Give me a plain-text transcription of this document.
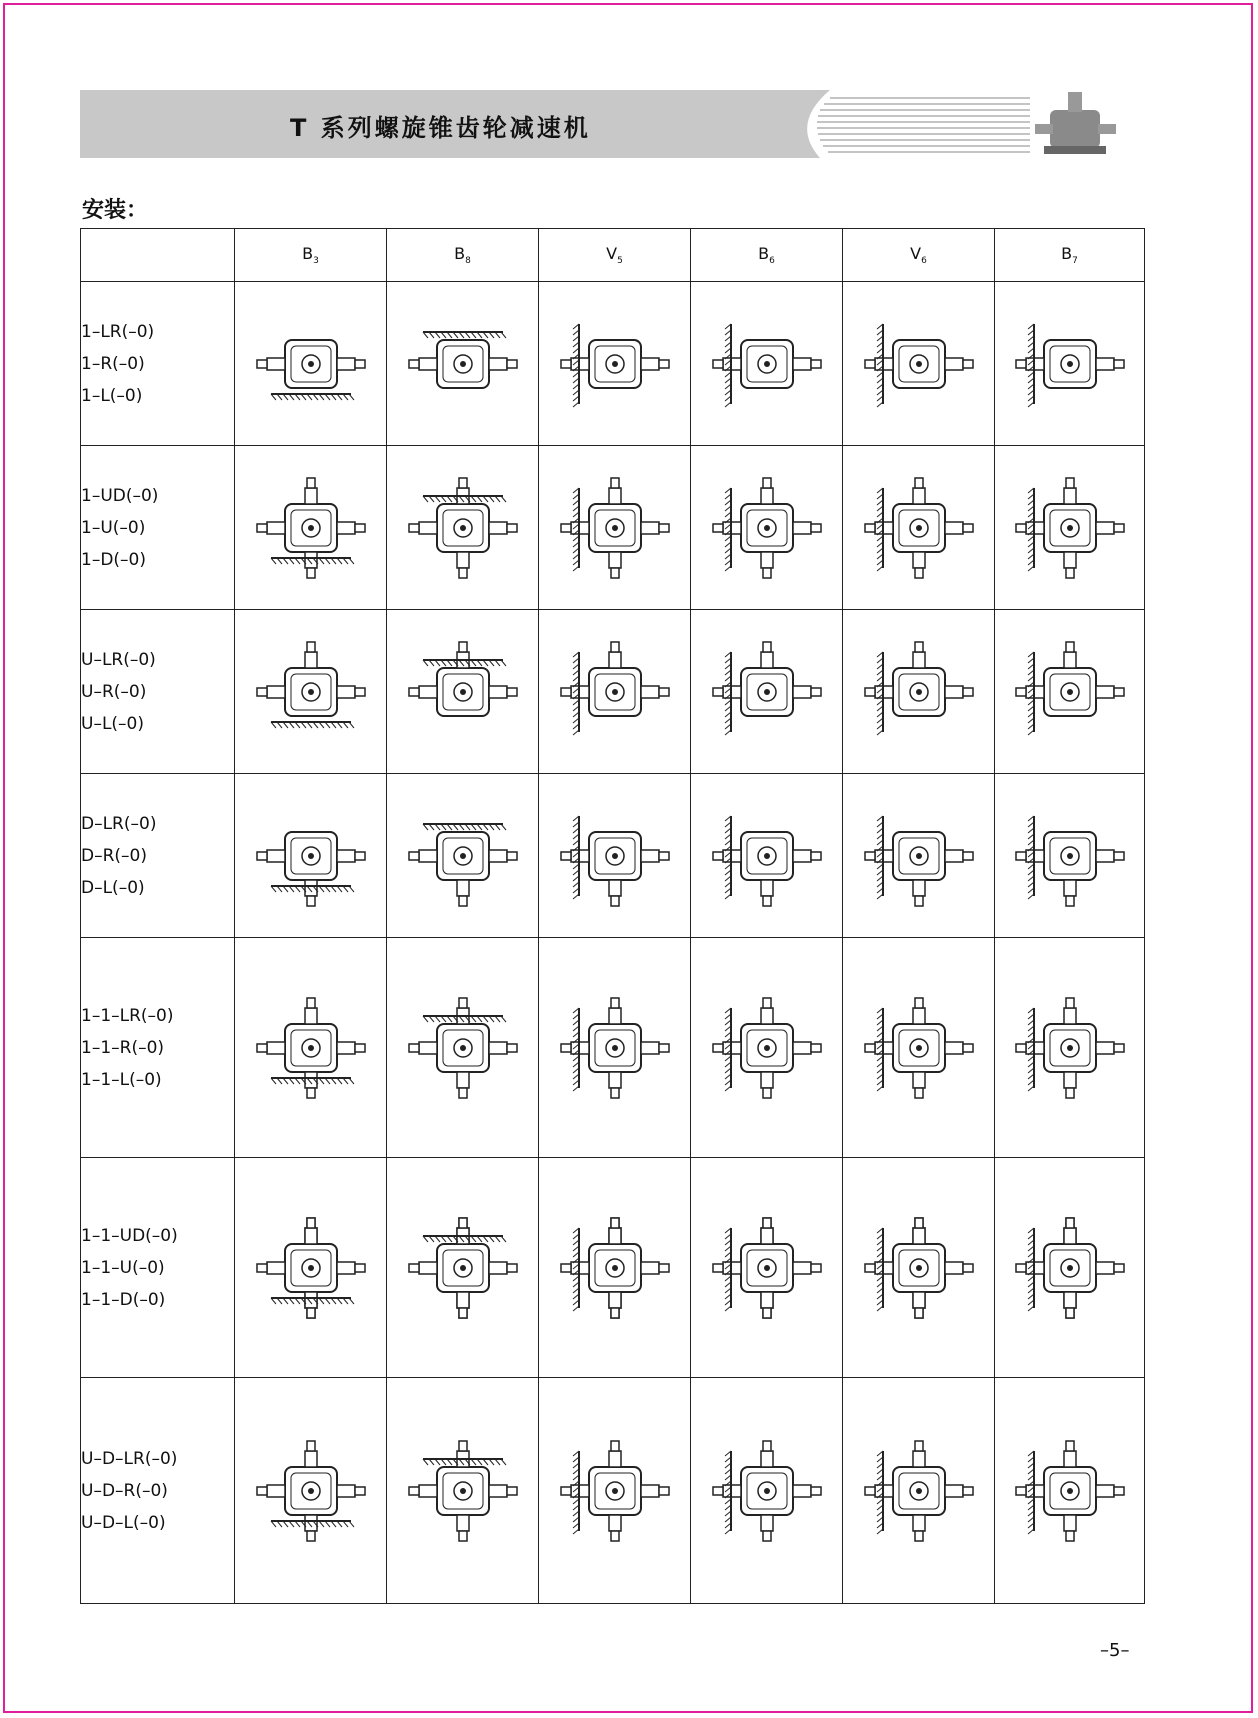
T 系列螺旋锥齿轮减速机
安装：
	$B_3$	$B_8$	$V_5$	$B_6$	$V_6$	$B_7$

1–LR(–0)
1–R(–0)
1–L(–0)

1–UD(–0)
1–U(–0)
1–D(–0)

U–LR(–0)
U–R(–0)
U–L(–0)

D–LR(–0)
D–R(–0)
D–L(–0)

1–1–LR(–0)
1–1–R(–0)
1–1–L(–0)

1–1–UD(–0)
1–1–U(–0)
1–1–D(–0)

U–D–LR(–0)
U–D–R(–0)
U–D–L(–0)

–5–
